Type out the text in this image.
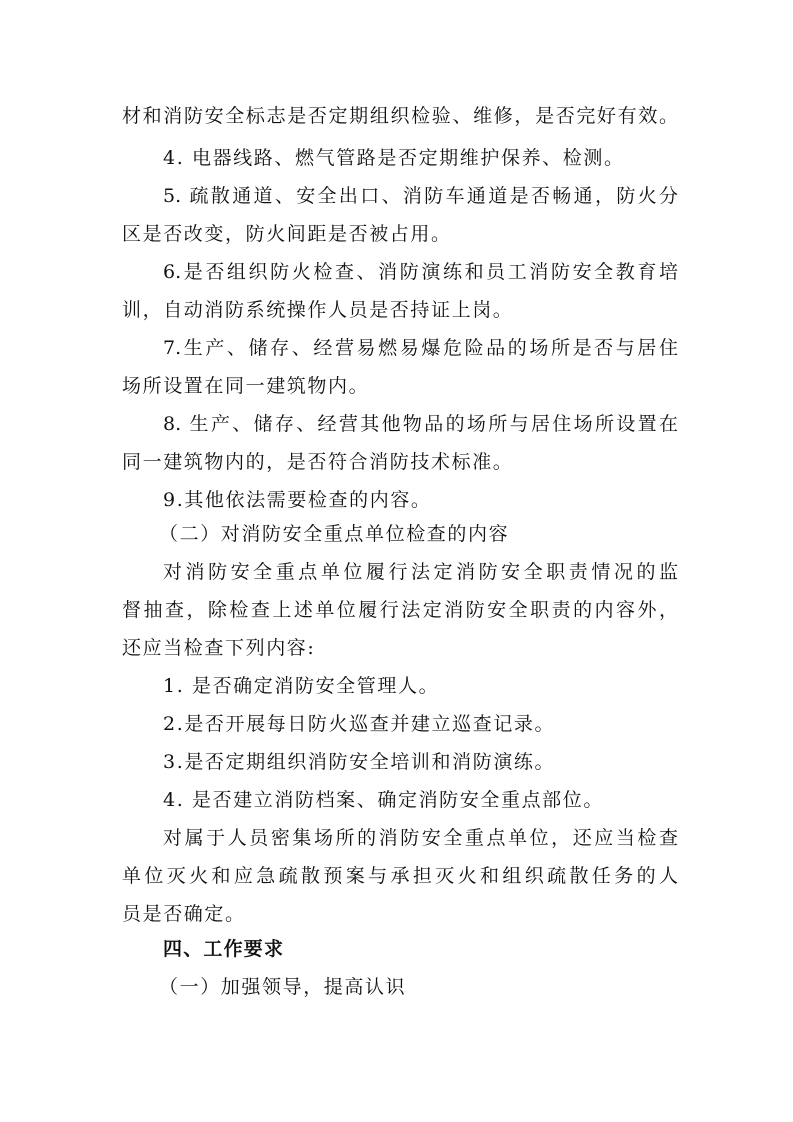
材和消防安全标志是否定期组织检验、维修，是否完好有效。
4. 电器线路、燃气管路是否定期维护保养、检测。
5. 疏散通道、安全出口、消防车通道是否畅通，防火分
区是否改变，防火间距是否被占用。
6.是否组织防火检查、消防演练和员工消防安全教育培
训，自动消防系统操作人员是否持证上岗。
7.生产、储存、经营易燃易爆危险品的场所是否与居住
场所设置在同一建筑物内。
8. 生产、储存、经营其他物品的场所与居住场所设置在
同一建筑物内的，是否符合消防技术标准。
9.其他依法需要检查的内容。
（二）对消防安全重点单位检查的内容
对消防安全重点单位履行法定消防安全职责情况的监
督抽查，除检查上述单位履行法定消防安全职责的内容外，
还应当检查下列内容:
1. 是否确定消防安全管理人。
2.是否开展每日防火巡查并建立巡查记录。
3.是否定期组织消防安全培训和消防演练。
4. 是否建立消防档案、确定消防安全重点部位。
对属于人员密集场所的消防安全重点单位，还应当检查
单位灭火和应急疏散预案与承担灭火和组织疏散任务的人
员是否确定。
四、工作要求
（一）加强领导，提高认识
